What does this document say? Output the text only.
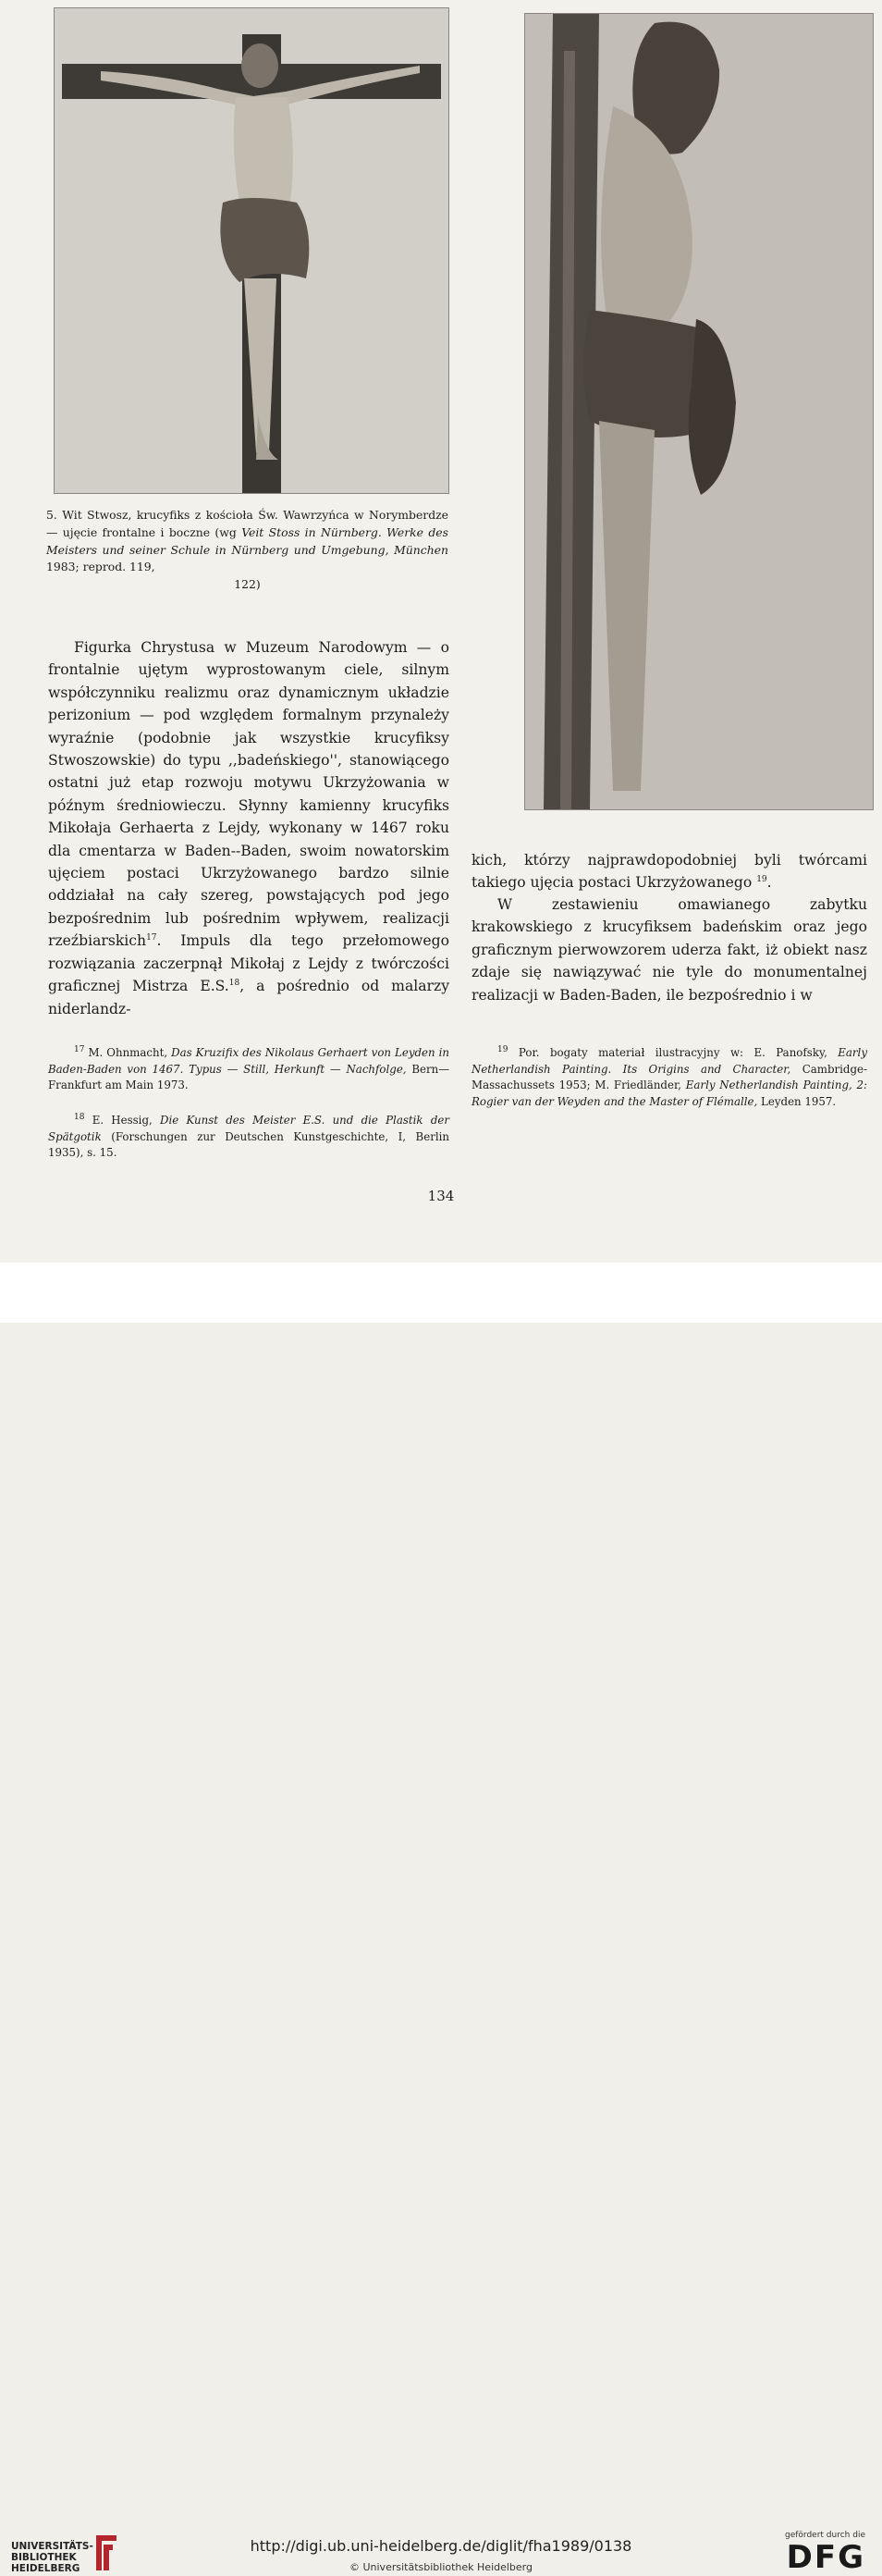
5. Wit Stwosz, krucyfiks z kościoła Św. Wawrzyńca w Norymberdze — ujęcie frontalne i boczne (wg Veit Stoss in Nürnberg. Werke des Meisters und seiner Schule in Nürnberg und Umgebung, München 1983; reprod. 119,
122)
Figurka Chrystusa w Muzeum Narodowym — o frontalnie ujętym wyprostowanym ciele, silnym współczynniku realizmu oraz dynamicznym układzie perizonium — pod względem formalnym przynależy wyraźnie (podobnie jak wszystkie krucyfiksy Stwoszowskie) do typu ,,badeńskiego'', stanowiącego ostatni już etap rozwoju motywu Ukrzyżowania w późnym średniowieczu. Słynny kamienny krucyfiks Mikołaja Gerhaerta z Lejdy, wykonany w 1467 roku dla cmentarza w Baden--Baden, swoim nowatorskim ujęciem postaci Ukrzyżowanego bardzo silnie oddziałał na cały szereg, powstających pod jego bezpośrednim lub pośrednim wpływem, realizacji rzeźbiarskich$^{17}$. Impuls dla tego przełomowego rozwiązania zaczerpnął Mikołaj z Lejdy z twórczości graficznej Mistrza E.S.$^{18}$, a pośrednio od malarzy niderlandz-
kich, którzy najprawdopodobniej byli twórcami takiego ujęcia postaci Ukrzyżowanego $^{19}$.
W zestawieniu omawianego zabytku krakowskiego z krucyfiksem badeńskim oraz jego graficznym pierwowzorem uderza fakt, iż obiekt nasz zdaje się nawiązywać nie tyle do monumentalnej realizacji w Baden-Baden, ile bezpośrednio i w
$^{17}$ M. Ohnmacht, Das Kruzifix des Nikolaus Gerhaert von Leyden in Baden-Baden von 1467. Typus — Still, Herkunft — Nachfolge, Bern—Frankfurt am Main 1973.
$^{18}$ E. Hessig, Die Kunst des Meister E.S. und die Plastik der Spätgotik (Forschungen zur Deutschen Kunstgeschichte, I, Berlin 1935), s. 15.
$^{19}$ Por. bogaty materiał ilustracyjny w: E. Panofsky, Early Netherlandish Painting. Its Origins and Character, Cambridge-Massachussets 1953; M. Friedländer, Early Netherlandish Painting, 2: Rogier van der Weyden and the Master of Flémalle, Leyden 1957.
134
UNIVERSITÄTS-
BIBLIOTHEK
HEIDELBERG
http://digi.ub.uni-heidelberg.de/diglit/fha1989/0138
© Universitätsbibliothek Heidelberg
gefördert durch die
DFG
